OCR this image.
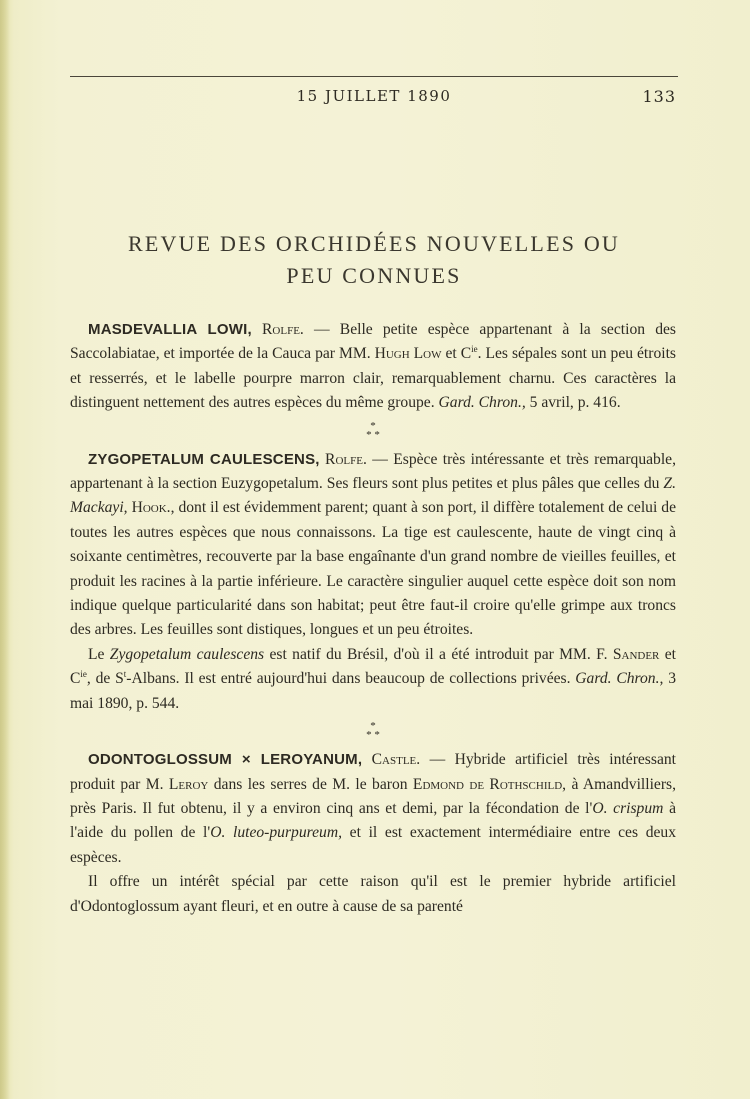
15 JUILLET 1890	133
REVUE DES ORCHIDÉES NOUVELLES OU
PEU CONNUES

MASDEVALLIA LOWI, Rolfe. — Belle petite espèce appartenant à la section des Saccolabiatae, et importée de la Cauca par MM. Hugh Low et $C^{ie}$. Les sépales sont un peu étroits et resserrés, et le labelle pourpre marron clair, remarquablement charnu. Ces caractères la distinguent nettement des autres espèces du même groupe. Gard. Chron., 5 avril, p. 416.

*
* *

ZYGOPETALUM CAULESCENS, Rolfe. — Espèce très intéressante et très remarquable, appartenant à la section Euzygopetalum. Ses fleurs sont plus petites et plus pâles que celles du Z. Mackayi, Hook., dont il est évidemment parent; quant à son port, il diffère totalement de celui de toutes les autres espèces que nous connaissons. La tige est caulescente, haute de vingt cinq à soixante centimètres, recouverte par la base engaînante d'un grand nombre de vieilles feuilles, et produit les racines à la partie inférieure. Le caractère singulier auquel cette espèce doit son nom indique quelque particularité dans son habitat; peut être faut-il croire qu'elle grimpe aux troncs des arbres. Les feuilles sont distiques, longues et un peu étroites.

Le Zygopetalum caulescens est natif du Brésil, d'où il a été introduit par MM. F. Sander et $C^{ie}$, de $S^t$-Albans. Il est entré aujourd'hui dans beaucoup de collections privées. Gard. Chron., 3 mai 1890, p. 544.

*
* *

ODONTOGLOSSUM × LEROYANUM, Castle. — Hybride artificiel très intéressant produit par M. Leroy dans les serres de M. le baron Edmond de Rothschild, à Amandvilliers, près Paris. Il fut obtenu, il y a environ cinq ans et demi, par la fécondation de l'O. crispum à l'aide du pollen de l'O. luteo-purpureum, et il est exactement intermédiaire entre ces deux espèces.

Il offre un intérêt spécial par cette raison qu'il est le premier hybride artificiel d'Odontoglossum ayant fleuri, et en outre à cause de sa parenté
